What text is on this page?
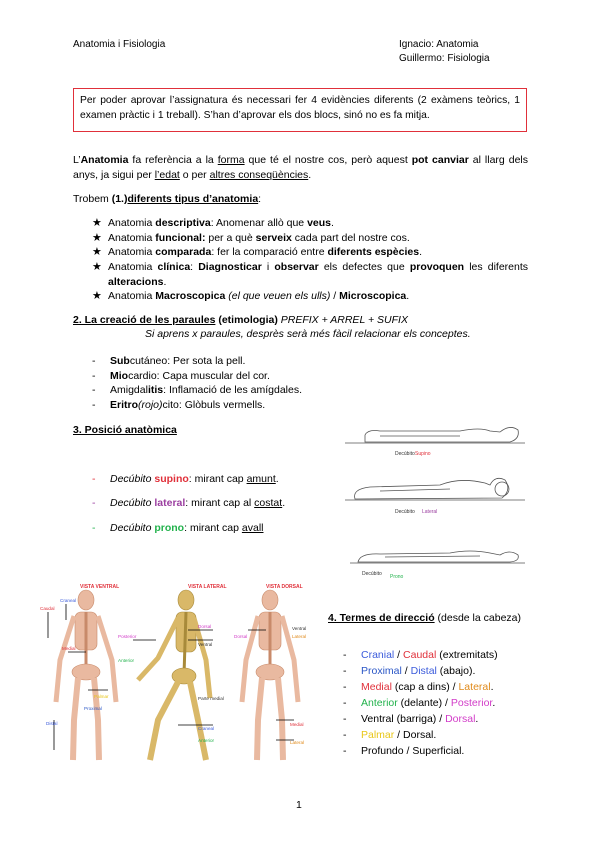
Anatomia i Fisiologia	Ignacio: Anatomia
Guillermo: Fisiologia
Per poder aprovar l’assignatura és necessari fer 4 evidències diferents (2 exàmens teòrics, 1 examen pràctic i 1 treball). S’han d’aprovar els dos blocs, sinó no es fa mitja.
L’Anatomia fa referència a la forma que té el nostre cos, però aquest pot canviar al llarg dels anys, ja sigui per l’edat o per altres conseqüències.
Trobem (1.)diferents tipus d’anatomia:
★ Anatomia descriptiva: Anomenar allò que veus.
★ Anatomia funcional: per a què serveix cada part del nostre cos.
★ Anatomia comparada: fer la comparació entre diferents espècies.
★ Anatomia clínica: Diagnosticar i observar els defectes que provoquen les diferents alteracions.
★ Anatomia Macroscopica (el que veuen els ulls) / Microscopica.
2. La creació de les paraules (etimologia) PREFIX + ARREL + SUFIX
Si aprens x paraules, desprès serà més fàcil relacionar els conceptes.
- Subcutáneo: Per sota la pell.
- Miocardio: Capa muscular del cor.
- Amigdalitis: Inflamació de les amígdales.
- Eritro(rojo)cito: Glòbuls vermells.
3. Posició anatòmica
- Decúbito supino: mirant cap amunt.
- Decúbito lateral: mirant cap al costat.
- Decúbito prono: mirant cap avall
Decúbito Supino
Decúbito Lateral
Decúbito Prono
VISTA VENTRAL	VISTA LATERAL	VISTA DORSAL
Caudal
Craneal
Medial
Palmar
Proximal
Distal
Posterior
Anterior
Dorsal
Ventral
Parte medial
Craneal
Anterior
Ventral
Lateral
Medial
Lateral
Dorsal
4. Termes de direcció (desde la cabeza)
- Cranial / Caudal (extremitats)
- Proximal / Distal (abajo).
- Medial (cap a dins) / Lateral.
- Anterior (delante) / Posterior.
- Ventral (barriga) / Dorsal.
- Palmar / Dorsal.
- Profundo / Superficial.
1
